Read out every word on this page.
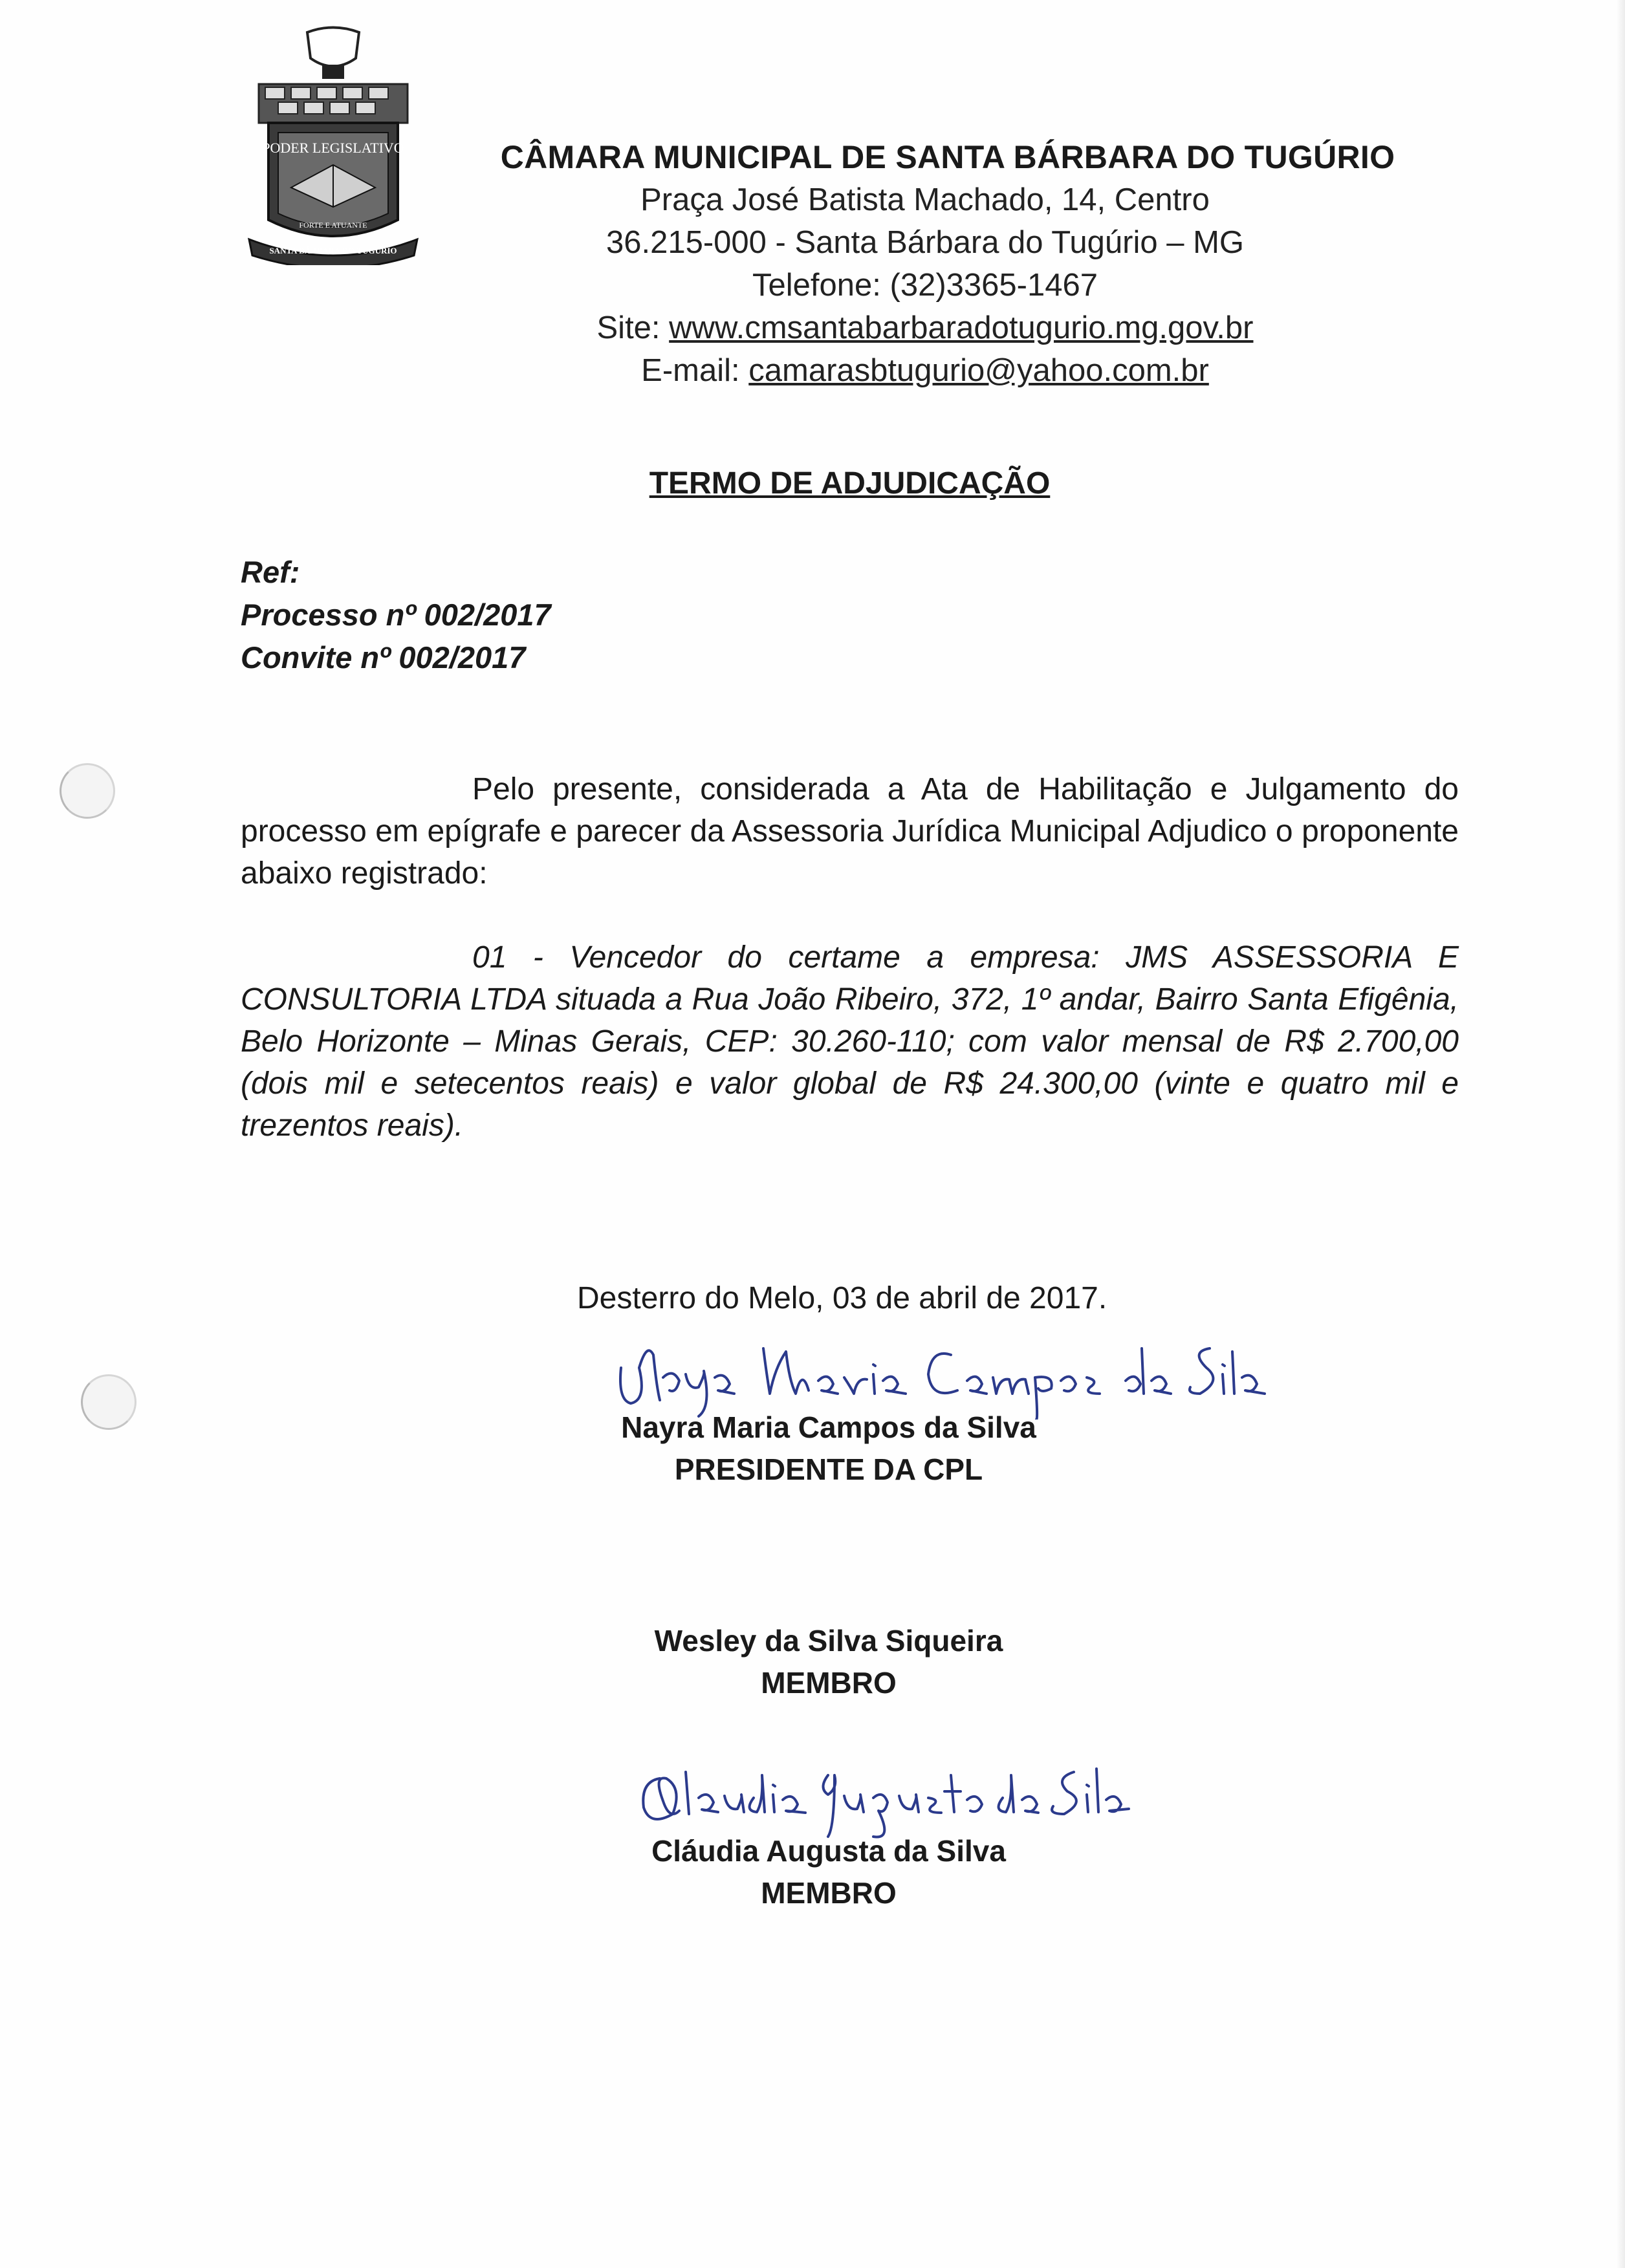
PODER LEGISLATIVO
FORTE E ATUANTE
SANTA BÁRBARA DO TUGÚRIO
CÂMARA MUNICIPAL DE SANTA BÁRBARA DO TUGÚRIO
Praça José Batista Machado, 14, Centro
36.215-000 - Santa Bárbara do Tugúrio – MG
Telefone: (32)3365-1467
Site: www.cmsantabarbaradotugurio.mg.gov.br
E-mail: camarasbtugurio@yahoo.com.br
TERMO DE ADJUDICAÇÃO
Ref:
Processo nº 002/2017
Convite nº 002/2017
Pelo presente, considerada a Ata de Habilitação e Julgamento do processo em epígrafe e parecer da Assessoria Jurídica Municipal Adjudico o proponente abaixo registrado:
01 - Vencedor do certame a empresa: JMS ASSESSORIA E CONSULTORIA LTDA situada a Rua João Ribeiro, 372, 1º andar, Bairro Santa Efigênia, Belo Horizonte – Minas Gerais, CEP: 30.260-110; com valor mensal de R$ 2.700,00 (dois mil e setecentos reais) e valor global de R$ 24.300,00 (vinte e quatro mil e trezentos reais).
Desterro do Melo, 03 de abril de 2017.
Nayra Maria Campos da Silva
PRESIDENTE DA CPL
Wesley da Silva Siqueira
MEMBRO
Cláudia Augusta da Silva
MEMBRO
